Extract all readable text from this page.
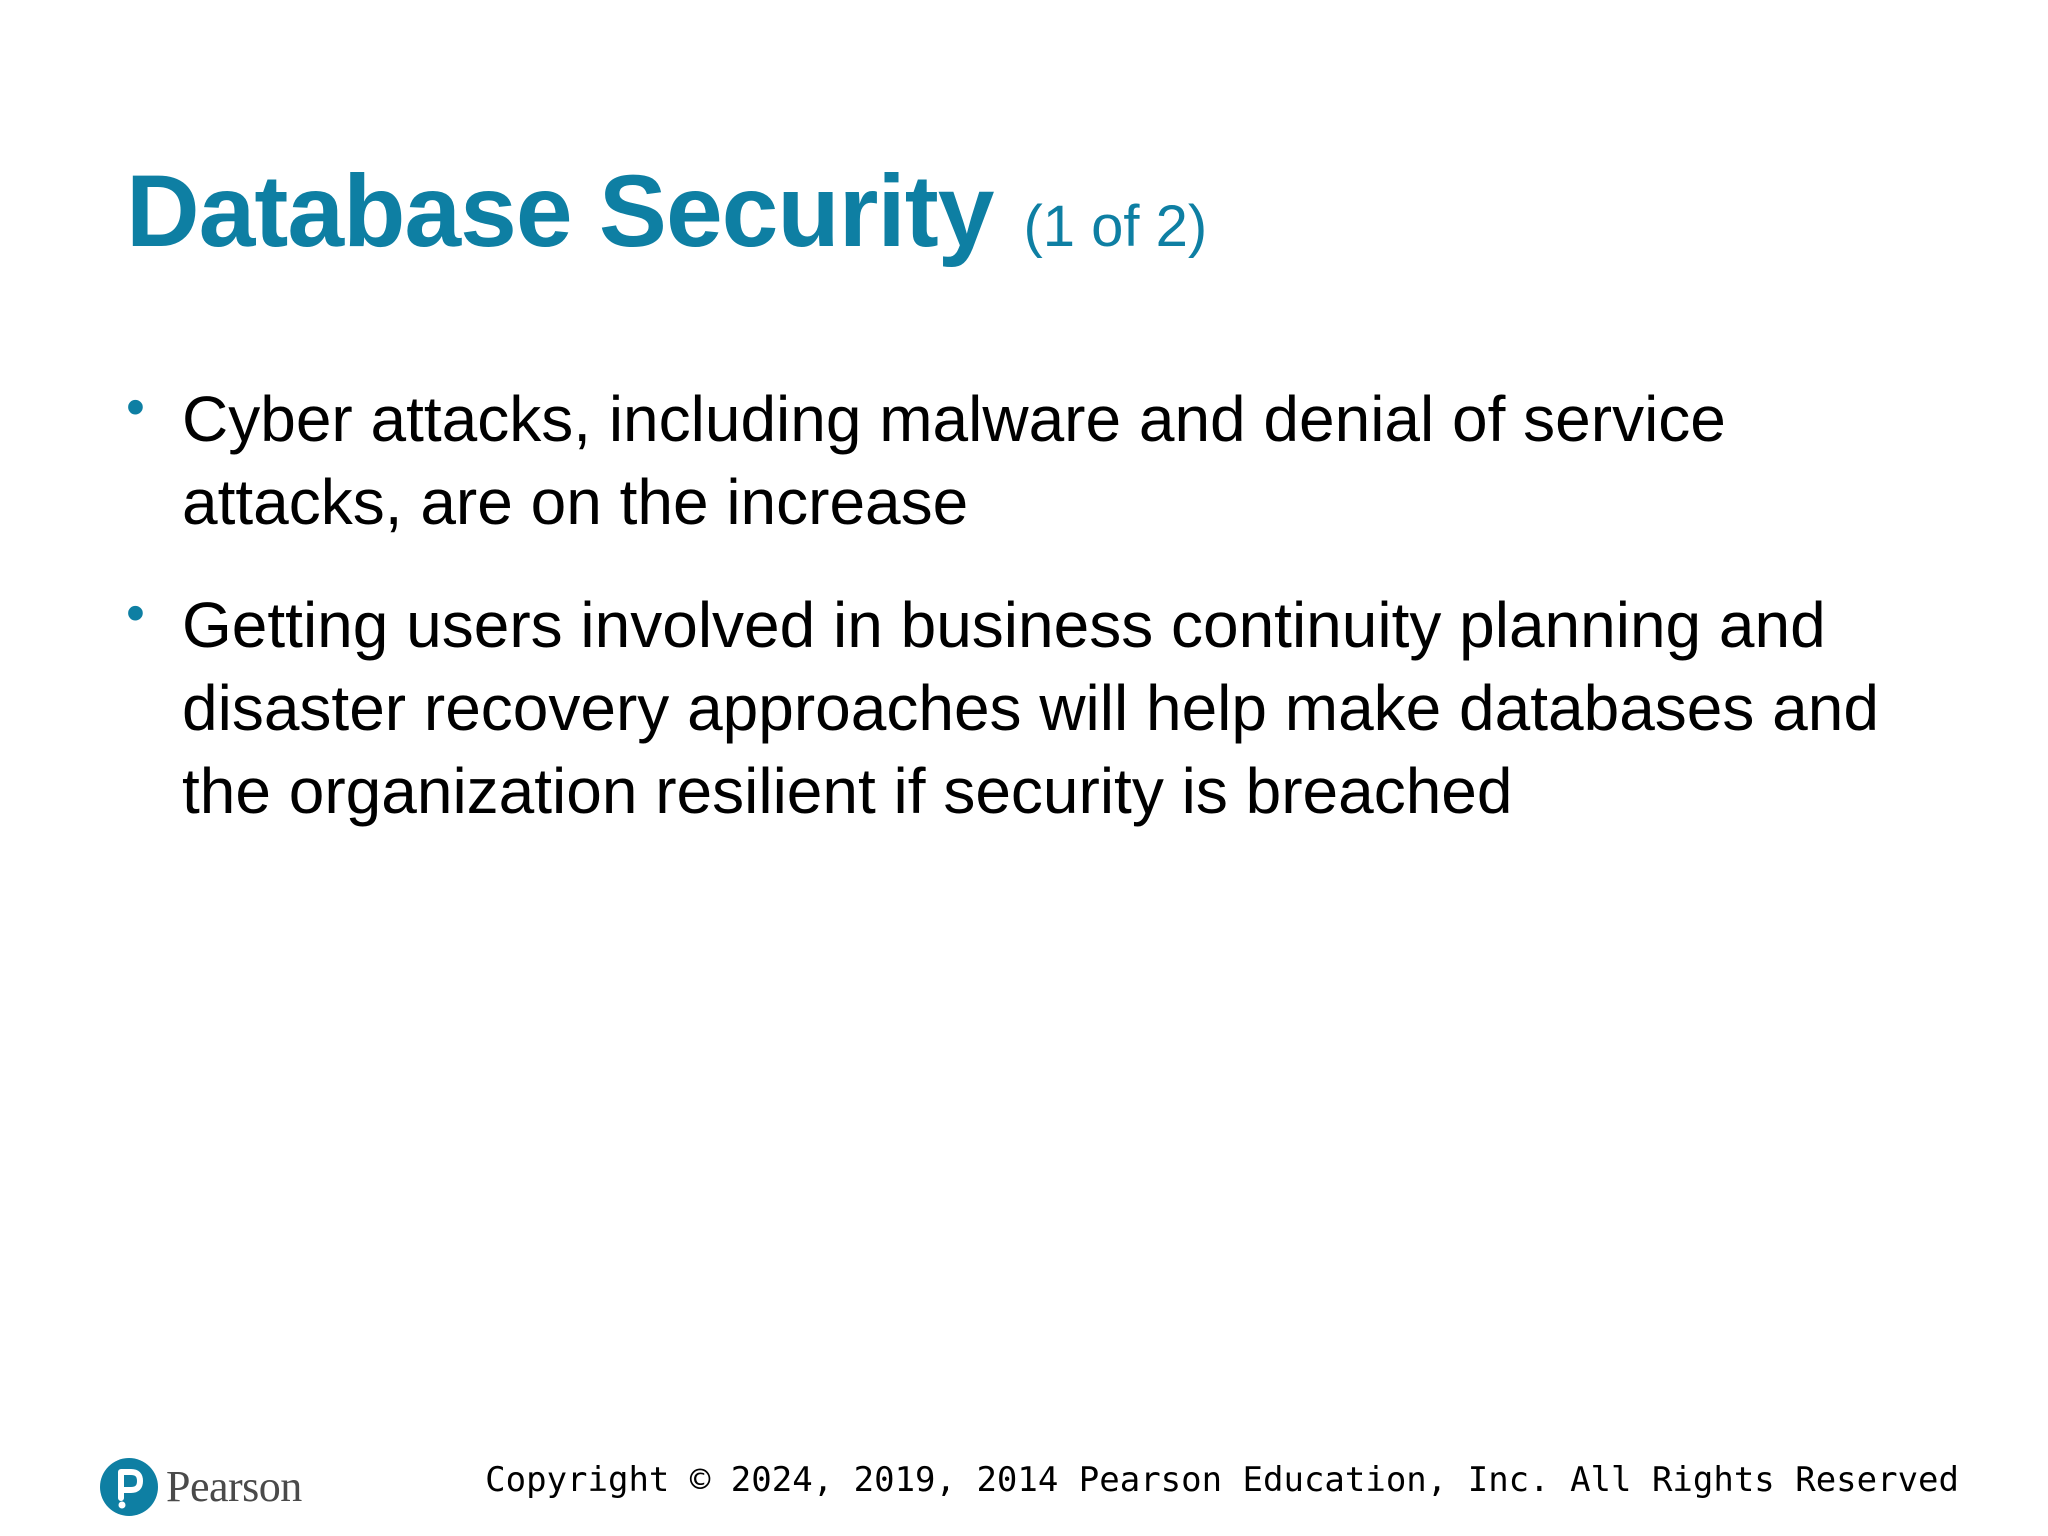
Database Security (1 of 2)
• Cyber attacks, including malware and denial of service attacks, are on the increase
• Getting users involved in business continuity planning and disaster recovery approaches will help make databases and the organization resilient if security is breached
Pearson	Copyright © 2024, 2019, 2014 Pearson Education, Inc. All Rights Reserved
